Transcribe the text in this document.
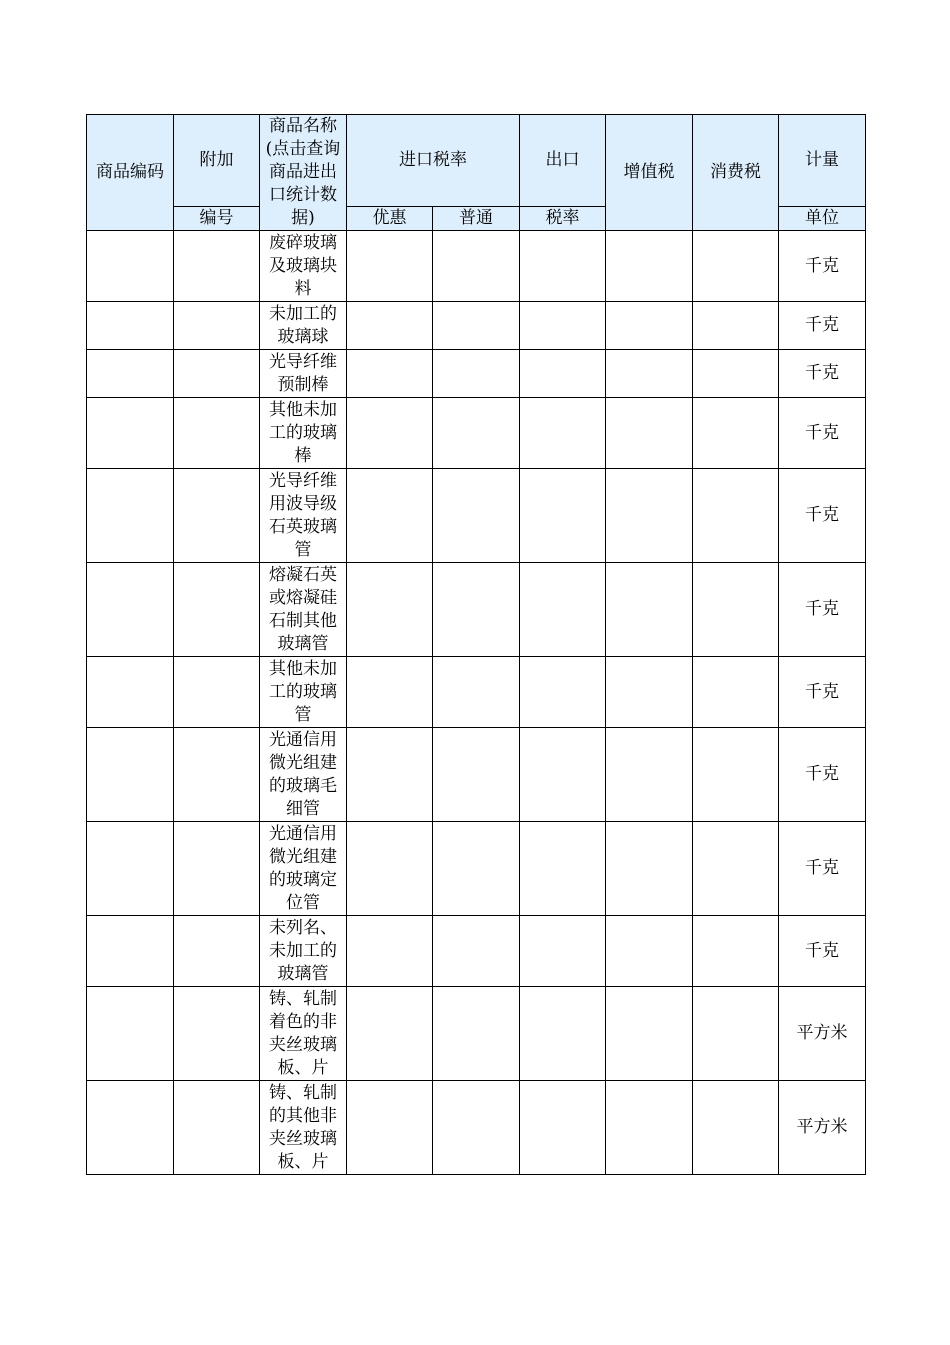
商品编码	附加	商品名称(点击查询商品进出口统计数据)	进口税率		出口	增值税	消费税	计量
	编号		优惠	普通	税率			单位

		废碎玻璃及玻璃块料						千克

		未加工的玻璃球						千克

		光导纤维预制棒						千克

		其他未加工的玻璃棒						千克

		光导纤维用波导级石英玻璃管						千克

		熔凝石英或熔凝硅石制其他玻璃管						千克

		其他未加工的玻璃管						千克

		光通信用微光组建的玻璃毛细管						千克

		光通信用微光组建的玻璃定位管						千克

		未列名、未加工的玻璃管						千克

		铸、轧制着色的非夹丝玻璃板、片						平方米

		铸、轧制的其他非夹丝玻璃板、片						平方米
